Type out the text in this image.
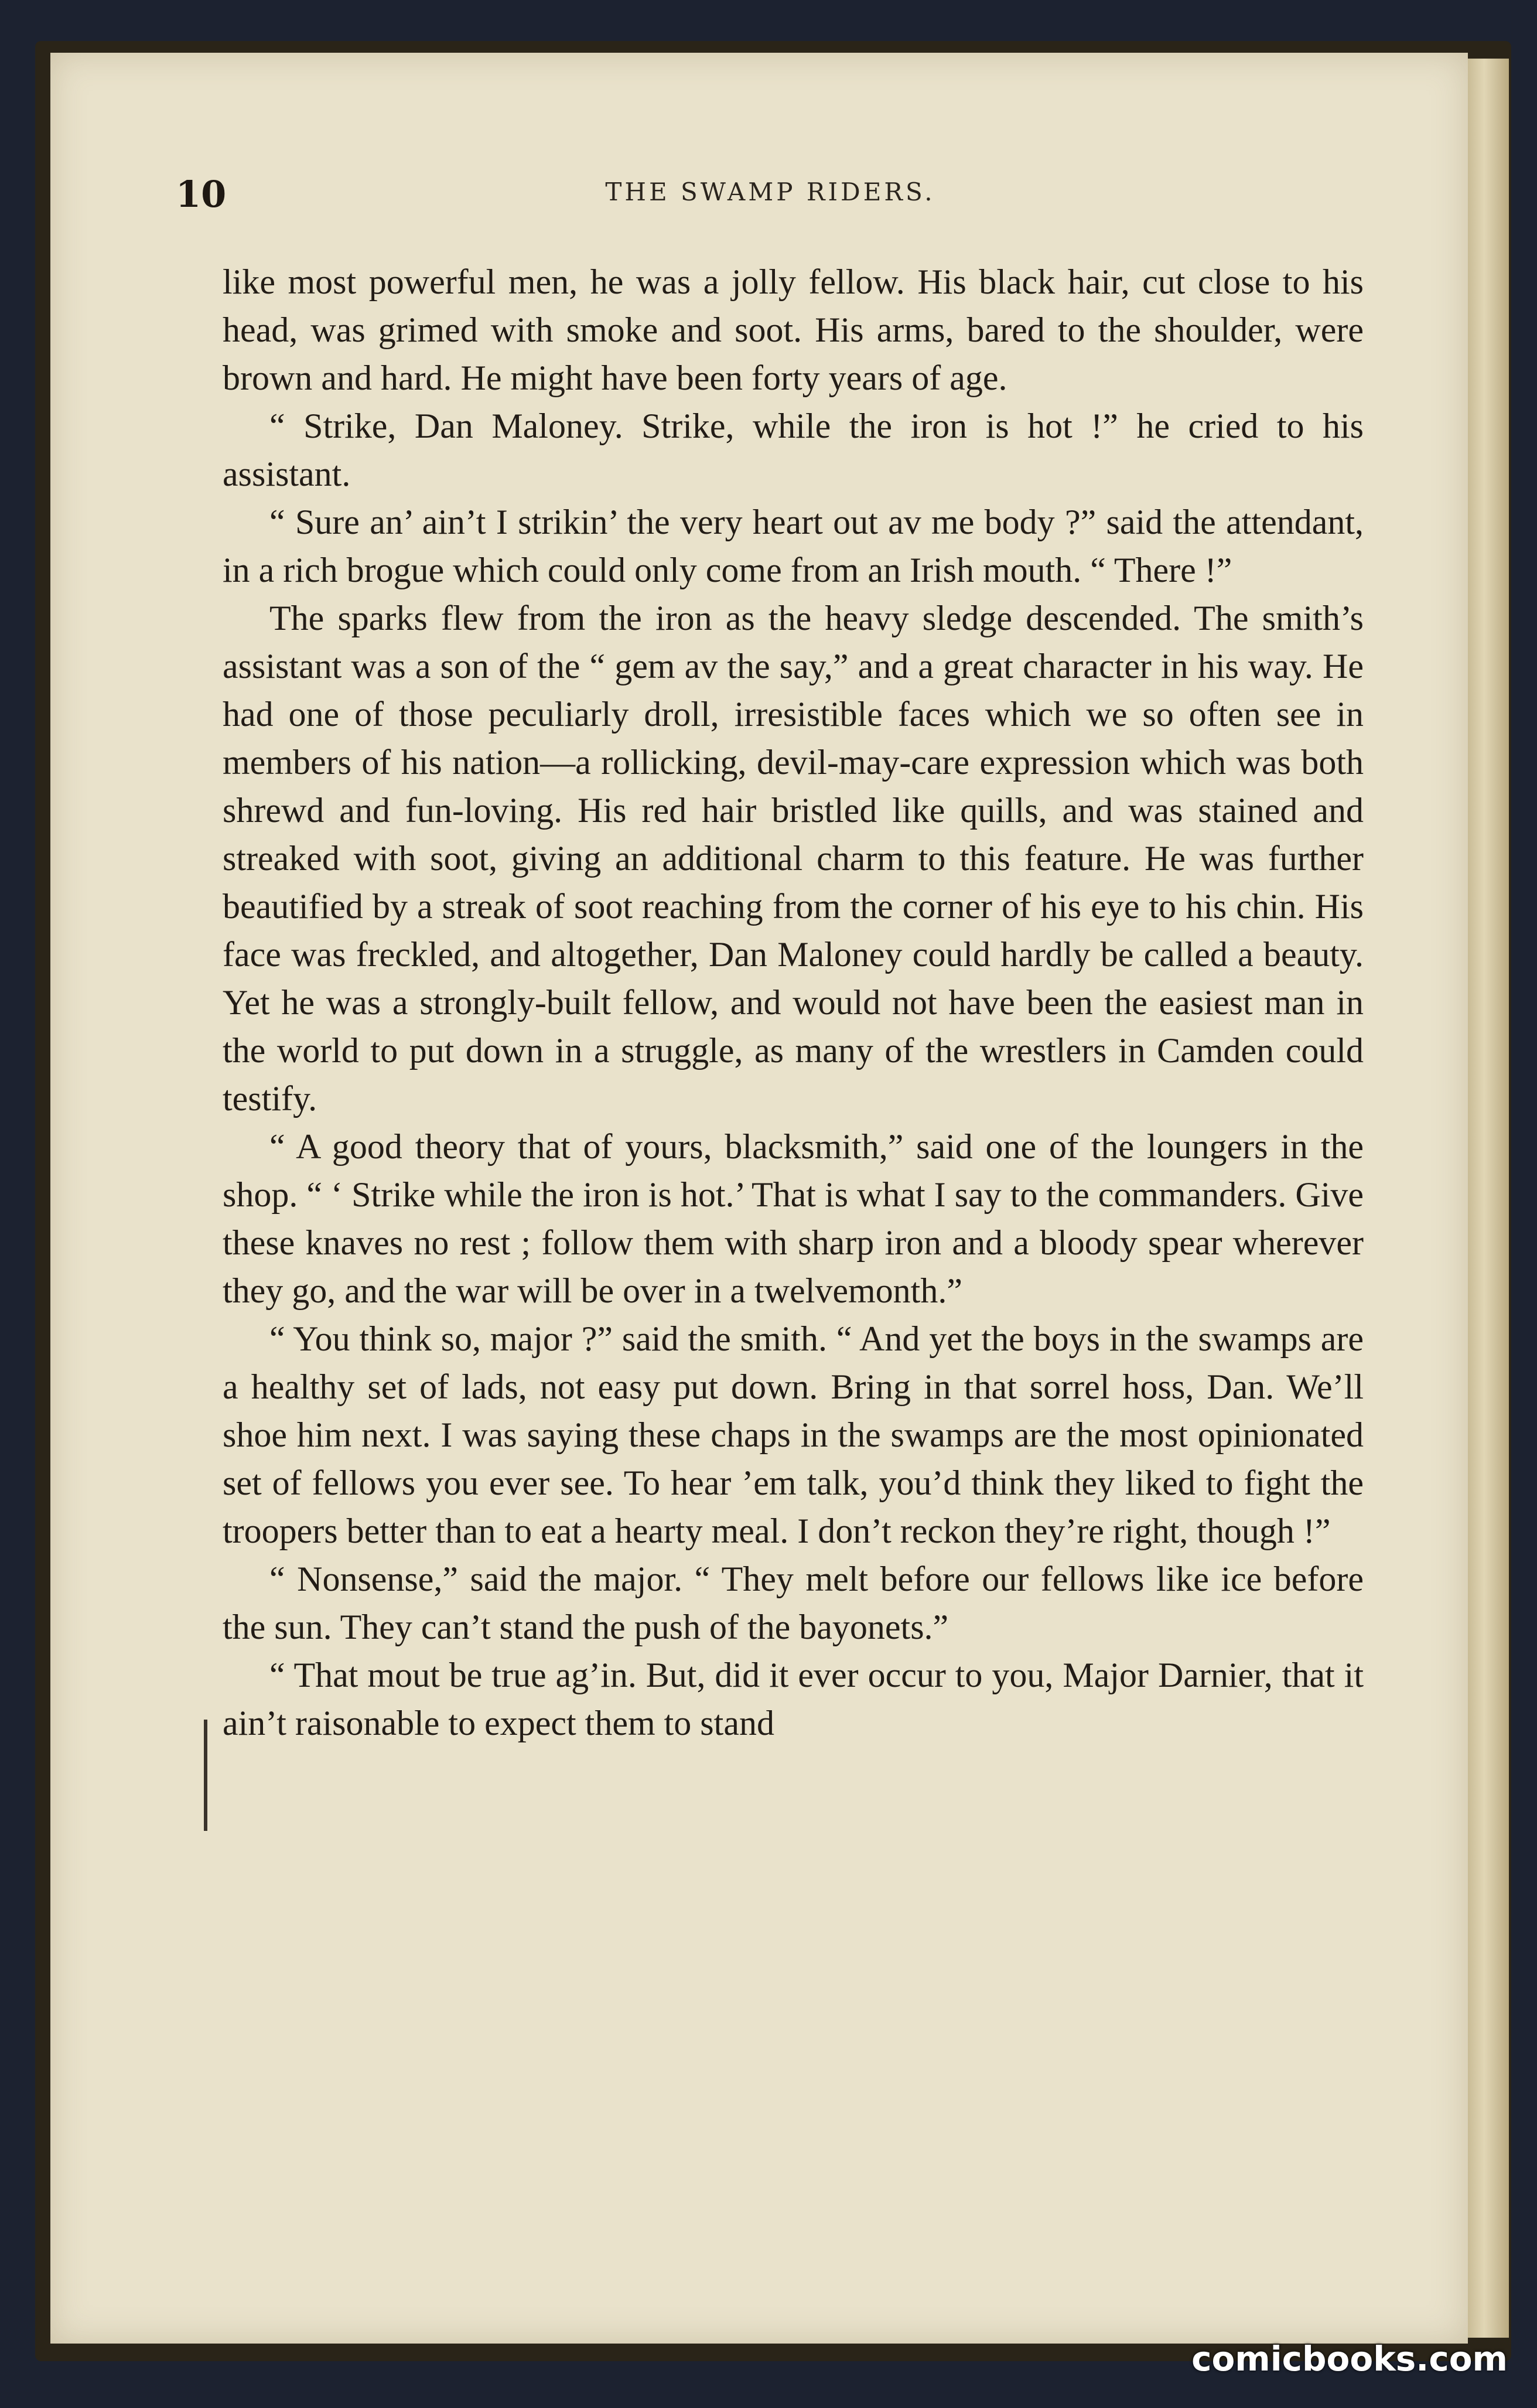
10	THE SWAMP RIDERS.

like most powerful men, he was a jolly fellow. His black hair, cut close to his head, was grimed with smoke and soot. His arms, bared to the shoulder, were brown and hard. He might have been forty years of age.

“ Strike, Dan Maloney. Strike, while the iron is hot !” he cried to his assistant.

“ Sure an’ ain’t I strikin’ the very heart out av me body ?” said the attendant, in a rich brogue which could only come from an Irish mouth. “ There !”

The sparks flew from the iron as the heavy sledge descended. The smith’s assistant was a son of the “ gem av the say,” and a great character in his way. He had one of those peculiarly droll, irresistible faces which we so often see in members of his nation—a rollicking, devil-may-care expression which was both shrewd and fun-loving. His red hair bristled like quills, and was stained and streaked with soot, giving an additional charm to this feature. He was further beautified by a streak of soot reaching from the corner of his eye to his chin. His face was freckled, and altogether, Dan Maloney could hardly be called a beauty. Yet he was a strongly-built fellow, and would not have been the easiest man in the world to put down in a struggle, as many of the wrestlers in Camden could testify.

“ A good theory that of yours, blacksmith,” said one of the loungers in the shop. “ ‘ Strike while the iron is hot.’ That is what I say to the commanders. Give these knaves no rest ; follow them with sharp iron and a bloody spear wherever they go, and the war will be over in a twelvemonth.”

“ You think so, major ?” said the smith. “ And yet the boys in the swamps are a healthy set of lads, not easy put down. Bring in that sorrel hoss, Dan. We’ll shoe him next. I was saying these chaps in the swamps are the most opinionated set of fellows you ever see. To hear ’em talk, you’d think they liked to fight the troopers better than to eat a hearty meal. I don’t reckon they’re right, though !”

“ Nonsense,” said the major. “ They melt before our fellows like ice before the sun. They can’t stand the push of the bayonets.”

“ That mout be true ag’in. But, did it ever occur to you, Major Darnier, that it ain’t raisonable to expect them to stand

comicbooks.com
